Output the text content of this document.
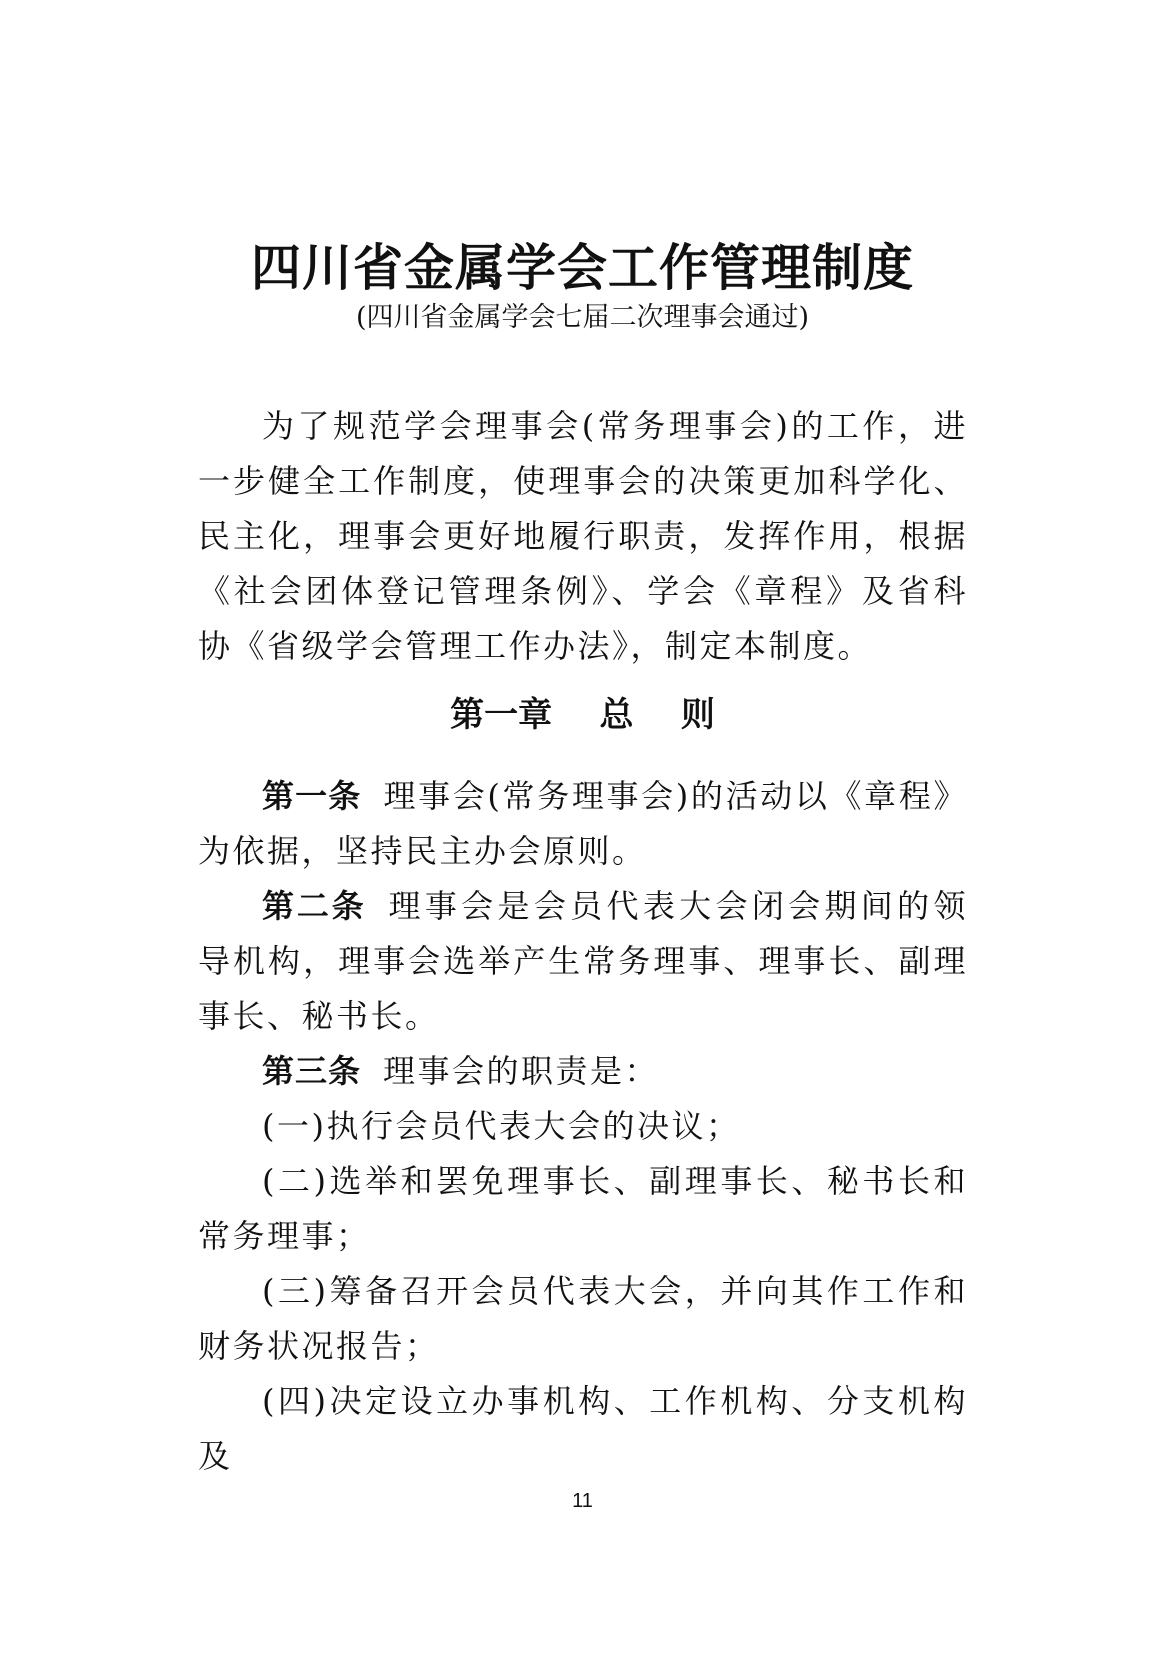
四川省金属学会工作管理制度
(四川省金属学会七届二次理事会通过)

为了规范学会理事会(常务理事会)的工作，进一步健全工作制度，使理事会的决策更加科学化、民主化，理事会更好地履行职责，发挥作用，根据《社会团体登记管理条例》、学会《章程》及省科协《省级学会管理工作办法》，制定本制度。

第一章    总    则

第一条 理事会(常务理事会)的活动以《章程》为依据，坚持民主办会原则。

第二条 理事会是会员代表大会闭会期间的领导机构，理事会选举产生常务理事、理事长、副理事长、秘书长。

第三条 理事会的职责是：

(一)执行会员代表大会的决议；

(二)选举和罢免理事长、副理事长、秘书长和常务理事；

(三)筹备召开会员代表大会，并向其作工作和财务状况报告；

(四)决定设立办事机构、工作机构、分支机构及

11
